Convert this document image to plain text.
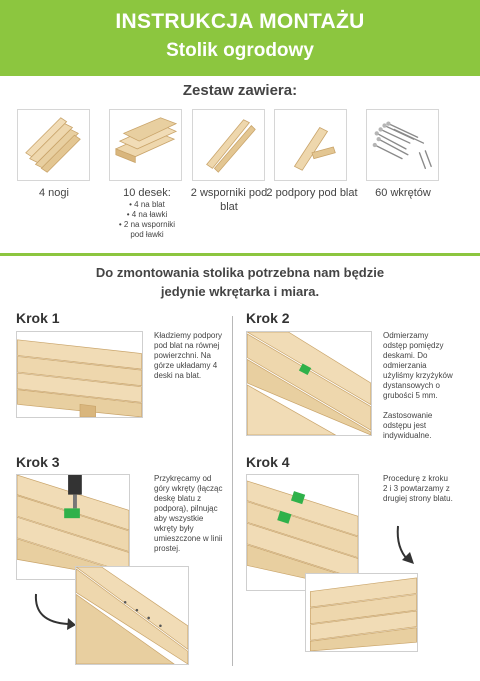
INSTRUKCJA MONTAŻU
Stolik ogrodowy
Zestaw zawiera:
4 nogi	10 desek:
• 4 na blat
• 4 na ławki
• 2 na wsporniki
pod ławki
2 wsporniki pod blat
2 podpory pod blat	60 wkrętów
Do zmontowania stolika potrzebna nam będzie
jedynie wkrętarka i miara.
Krok 1

Kładziemy podpory pod blat na równej powierzchni. Na górze układamy 4 deski na blat.

Krok 2

Odmierzamy odstęp pomiędzy deskami. Do odmierzania użyliśmy krzyżyków dystansowych o grubości 5 mm.

Zastosowanie odstępu jest indywidualne.

Krok 3

Przykręcamy od góry wkręty (łącząc deskę blatu z podporą), pilnując aby wszystkie wkręty były umieszczone w linii prostej.

Krok 4

Procedurę z kroku 2 i 3 powtarzamy z drugiej strony blatu.
